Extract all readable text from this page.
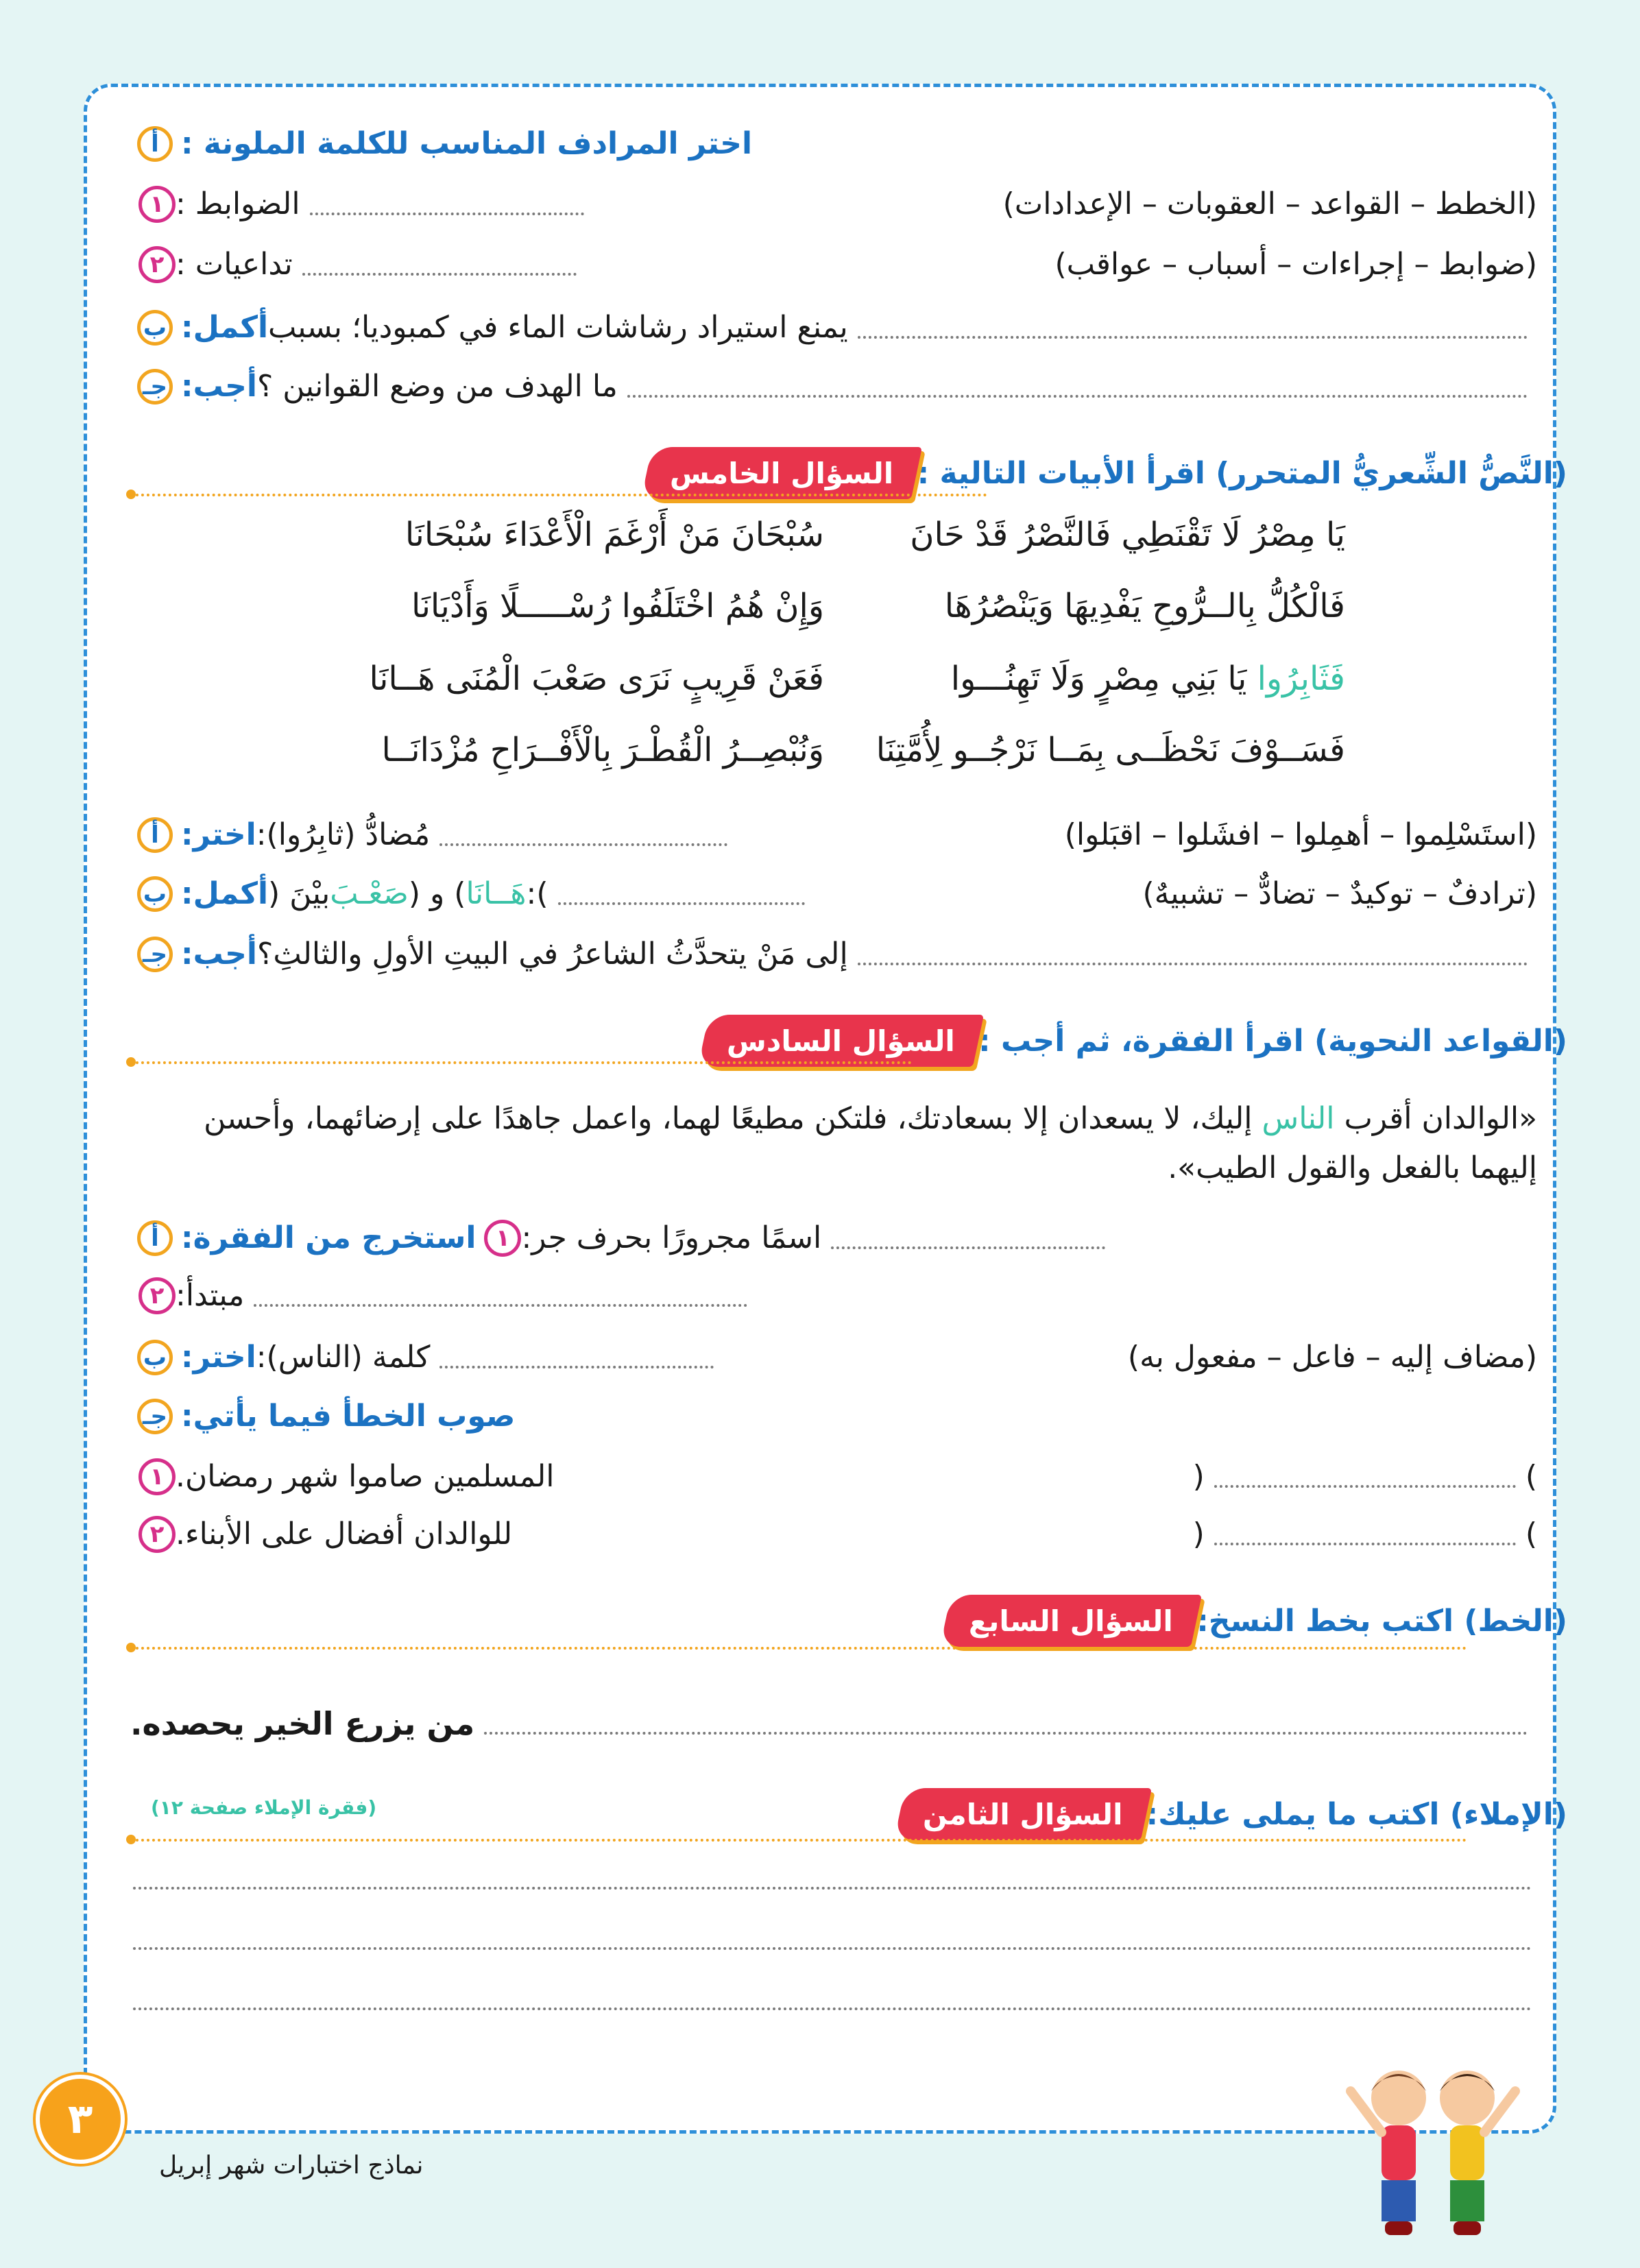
أ اختر المرادف المناسب للكلمة الملونة :
١ الضوابط :	(الخطط – القواعد – العقوبات – الإعدادات)
٢ تداعيات :	(ضوابط – إجراءات – أسباب – عواقب)
ب أكمل: يمنع استيراد رشاشات الماء في كمبوديا؛ بسبب
جـ أجب: ما الهدف من وضع القوانين ؟
السؤال الخامس (النَّصُّ الشِّعريُّ المتحرر) اقرأ الأبيات التالية :
يَا مِصْرُ لَا تَقْنَطِي فَالنَّصْرُ قَدْ حَانَ
سُبْحَانَ مَنْ أَرْغَمَ الْأَعْدَاءَ سُبْحَانَا
فَالْكُلُّ بِالــرُّوحِ يَفْدِيهَا وَيَنْصُرُهَا
وَإِنْ هُمُ اخْتَلَفُوا رُسْـــــلًا وَأَدْيَانَا
فَثَابِرُوا يَا بَنِي مِصْرٍ وَلَا تَهِنُـــوا
فَعَنْ قَرِيبٍ نَرَى صَعْبَ الْمُنَى هَــانَا
فَسَــوْفَ نَحْظَــى بِمَــا نَرْجُــو لِأُمَّتِنَا
وَنُبْصِــرُ الْقُطْـرَ بِالْأَفْــرَاحِ مُزْدَانَــا
أ اختر: مُضادُّ (ثابِرُوا):	(استَسْلِموا – أهمِلوا – افشَلوا – اقبَلوا)
ب أكمل: بيْنَ ( صَعْـبَ ) و ( هَــانَا ):	(ترادفٌ – توكيدٌ – تضادٌّ – تشبيهٌ)
جـ أجب: إلى مَنْ يتحدَّثُ الشاعرُ في البيتِ الأولِ والثالثِ؟
السؤال السادس (القواعد النحوية) اقرأ الفقرة، ثم أجب :
«الوالدان أقرب الناس إليك، لا يسعدان إلا بسعادتك، فلتكن مطيعًا لهما، واعمل جاهدًا على إرضائهما، وأحسن إليهما بالفعل والقول الطيب».
أ استخرج من الفقرة: ١ اسمًا مجرورًا بحرف جر:
٢ مبتدأ:
ب اختر: كلمة (الناس):	(مضاف إليه – فاعل – مفعول به)
جـ صوب الخطأ فيما يأتي:
١ المسلمين صاموا شهر رمضان.	(	)
٢ للوالدان أفضال على الأبناء.	(	)
السؤال السابع (الخط) اكتب بخط النسخ:
من يزرع الخير يحصده.
السؤال الثامن (الإملاء) اكتب ما يملى عليك:
(فقرة الإملاء صفحة ١٢)
٣
نماذج اختبارات شهر إبريل
